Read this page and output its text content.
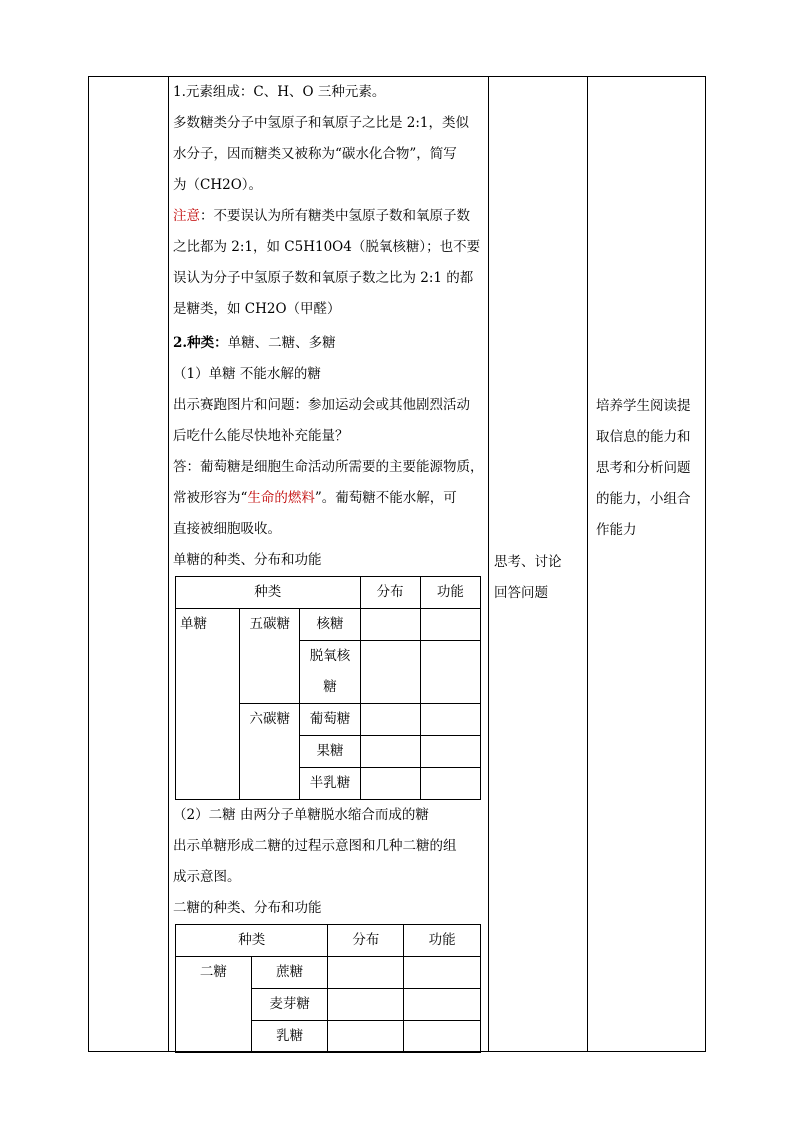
1.元素组成：C、H、O 三种元素。
多数糖类分子中氢原子和氧原子之比是 2:1，类似
水分子，因而糖类又被称为“碳水化合物”，简写
为（CH2O）。
注意：不要误认为所有糖类中氢原子数和氧原子数
之比都为 2:1，如 C5H10O4（脱氧核糖）；也不要
误认为分子中氢原子数和氧原子数之比为 2:1 的都
是糖类，如 CH2O（甲醛）
2.种类：单糖、二糖、多糖
（1）单糖 不能水解的糖
出示赛跑图片和问题：参加运动会或其他剧烈活动
后吃什么能尽快地补充能量？
答：葡萄糖是细胞生命活动所需要的主要能源物质，
常被形容为“生命的燃料”。葡萄糖不能水解，可
直接被细胞吸收。
单糖的种类、分布和功能
种类			分布	功能
单糖	五碳糖	核糖		

		脱氧核
糖		

	六碳糖	葡萄糖		
		果糖		
		半乳糖		
（2）二糖 由两分子单糖脱水缩合而成的糖
出示单糖形成二糖的过程示意图和几种二糖的组
成示意图。
二糖的种类、分布和功能
种类		分布	功能
二糖	蔗糖		
	麦芽糖		
	乳糖		
思考、讨论
回答问题
培养学生阅读提
取信息的能力和
思考和分析问题
的能力，小组合
作能力
